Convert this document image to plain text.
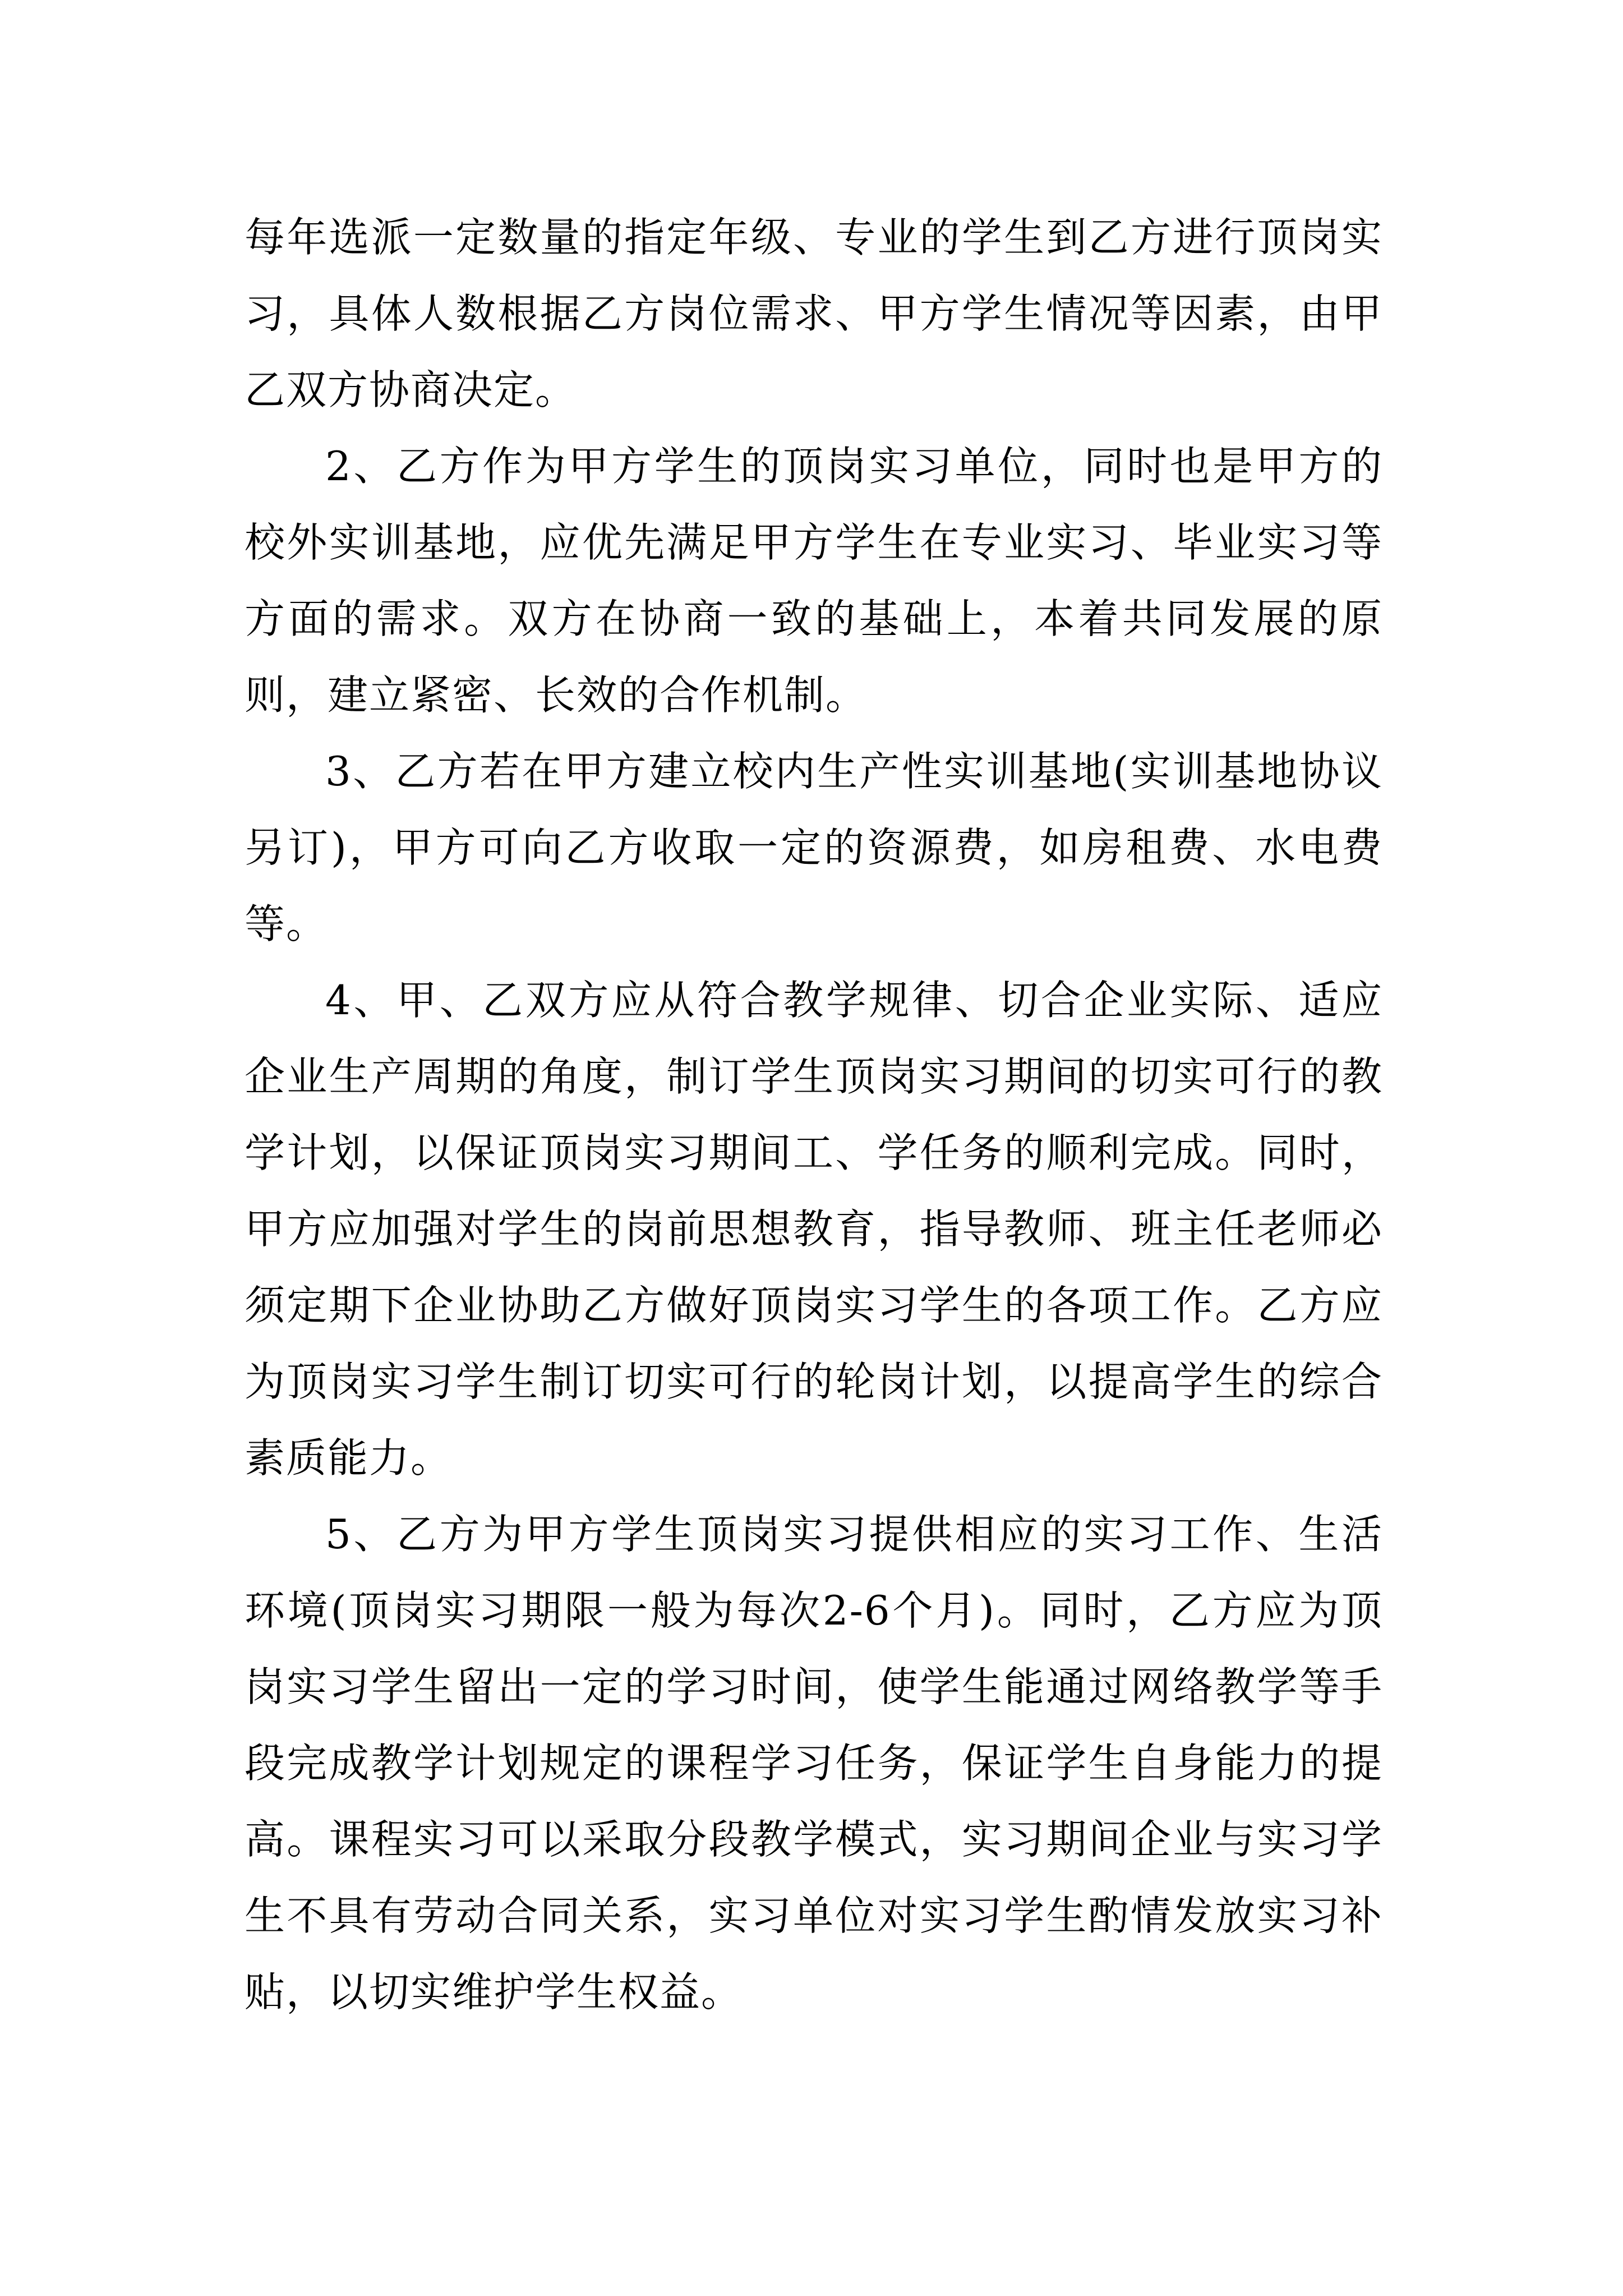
每年选派一定数量的指定年级、专业的学生到乙方进行顶岗实习，具体人数根据乙方岗位需求、甲方学生情况等因素，由甲乙双方协商决定。

2、乙方作为甲方学生的顶岗实习单位，同时也是甲方的校外实训基地，应优先满足甲方学生在专业实习、毕业实习等方面的需求。双方在协商一致的基础上，本着共同发展的原则，建立紧密、长效的合作机制。

3、乙方若在甲方建立校内生产性实训基地(实训基地协议另订)，甲方可向乙方收取一定的资源费，如房租费、水电费等。

4、甲、乙双方应从符合教学规律、切合企业实际、适应企业生产周期的角度，制订学生顶岗实习期间的切实可行的教学计划，以保证顶岗实习期间工、学任务的顺利完成。同时，甲方应加强对学生的岗前思想教育，指导教师、班主任老师必须定期下企业协助乙方做好顶岗实习学生的各项工作。乙方应为顶岗实习学生制订切实可行的轮岗计划，以提高学生的综合素质能力。

5、乙方为甲方学生顶岗实习提供相应的实习工作、生活环境(顶岗实习期限一般为每次2-6个月)。同时，乙方应为顶岗实习学生留出一定的学习时间，使学生能通过网络教学等手段完成教学计划规定的课程学习任务，保证学生自身能力的提高。课程实习可以采取分段教学模式，实习期间企业与实习学生不具有劳动合同关系，实习单位对实习学生酌情发放实习补贴，以切实维护学生权益。
